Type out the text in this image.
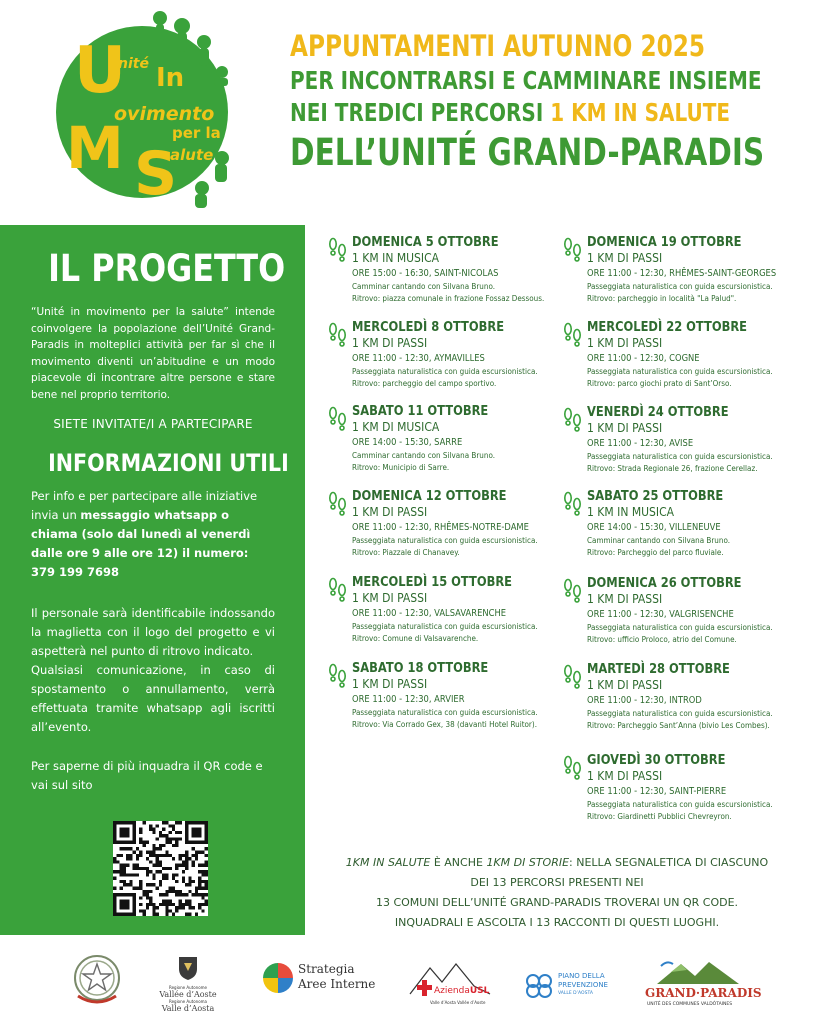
U
M S
nité In
ovimento
per la
alute
APPUNTAMENTI AUTUNNO 2025
PER INCONTRARSI E CAMMINARE INSIEME
NEI TREDICI PERCORSI 1 KM IN SALUTE
DELL’UNITÉ GRAND-PARADIS
IL PROGETTO
“Unité in movimento per la salute” intende coinvolgere la popolazione dell’Unité Grand-Paradis in molteplici attività per far sì che il movimento diventi un’abitudine e un modo piacevole di incontrare altre persone e stare bene nel proprio territorio.
SIETE INVITATE/I A PARTECIPARE
INFORMAZIONI UTILI
Per info e per partecipare alle iniziative invia un messaggio whatsapp o chiama (solo dal lunedì al venerdì dalle ore 9 alle ore 12) il numero: 379 199 7698
Il personale sarà identificabile indossando la maglietta con il logo del progetto e vi aspetterà nel punto di ritrovo indicato.
Qualsiasi comunicazione, in caso di spostamento o annullamento, verrà effettuata tramite whatsapp agli iscritti all’evento.
Per saperne di più inquadra il QR code e vai sul sito
DOMENICA 5 OTTOBRE
1 KM IN MUSICA
ORE 15:00 - 16:30, SAINT-NICOLAS
Camminar cantando con Silvana Bruno.
Ritrovo: piazza comunale in frazione Fossaz Dessous.
MERCOLEDÌ 8 OTTOBRE
1 KM DI PASSI
ORE 11:00 - 12:30, AYMAVILLES
Passeggiata naturalistica con guida escursionistica.
Ritrovo: parcheggio del campo sportivo.
SABATO 11 OTTOBRE
1 KM DI MUSICA
ORE 14:00 - 15:30, SARRE
Camminar cantando con Silvana Bruno.
Ritrovo: Municipio di Sarre.
DOMENICA 12 OTTOBRE
1 KM DI PASSI
ORE 11:00 - 12:30, RHÊMES-NOTRE-DAME
Passeggiata naturalistica con guida escursionistica.
Ritrovo: Piazzale di Chanavey.
MERCOLEDÌ 15 OTTOBRE
1 KM DI PASSI
ORE 11:00 - 12:30, VALSAVARENCHE
Passeggiata naturalistica con guida escursionistica.
Ritrovo: Comune di Valsavarenche.
SABATO 18 OTTOBRE
1 KM DI PASSI
ORE 11:00 - 12:30, ARVIER
Passeggiata naturalistica con guida escursionistica.
Ritrovo: Via Corrado Gex, 38 (davanti Hotel Ruitor).
DOMENICA 19 OTTOBRE
1 KM DI PASSI
ORE 11:00 - 12:30, RHÊMES-SAINT-GEORGES
Passeggiata naturalistica con guida escursionistica.
Ritrovo: parcheggio in località "La Palud".
MERCOLEDÌ 22 OTTOBRE
1 KM DI PASSI
ORE 11:00 - 12:30, COGNE
Passeggiata naturalistica con guida escursionistica.
Ritrovo: parco giochi prato di Sant’Orso.
VENERDÌ 24 OTTOBRE
1 KM DI PASSI
ORE 11:00 - 12:30, AVISE
Passeggiata naturalistica con guida escursionistica.
Ritrovo: Strada Regionale 26, frazione Cerellaz.
SABATO 25 OTTOBRE
1 KM IN MUSICA
ORE 14:00 - 15:30, VILLENEUVE
Camminar cantando con Silvana Bruno.
Ritrovo: Parcheggio del parco fluviale.
DOMENICA 26 OTTOBRE
1 KM DI PASSI
ORE 11:00 - 12:30, VALGRISENCHE
Passeggiata naturalistica con guida escursionistica.
Ritrovo: ufficio Proloco, atrio del Comune.
MARTEDÌ 28 OTTOBRE
1 KM DI PASSI
ORE 11:00 - 12:30, INTROD
Passeggiata naturalistica con guida escursionistica.
Ritrovo: Parcheggio Sant’Anna (bivio Les Combes).
GIOVEDÌ 30 OTTOBRE
1 KM DI PASSI
ORE 11:00 - 12:30, SAINT-PIERRE
Passeggiata naturalistica con guida escursionistica.
Ritrovo: Giardinetti Pubblici Chevreyron.
1KM IN SALUTE È ANCHE 1KM DI STORIE: NELLA SEGNALETICA DI CIASCUNO
DEI 13 PERCORSI PRESENTI NEI
13 COMUNI DELL’UNITÉ GRAND-PARADIS TROVERAI UN QR CODE.
INQUADRALI E ASCOLTA I 13 RACCONTI DI QUESTI LUOGHI.
Regione Autonome
Vallée d’Aoste
Regione Autonoma
Valle d’Aosta
Strategia
Aree Interne	AziendaUSL
Valle d’Aosta Vallée d’Aoste
PIANO DELLA
PREVENZIONE
VALLE D’AOSTA	GRAND·PARADIS
UNITÉ DES COMMUNES VALDÔTAINES
